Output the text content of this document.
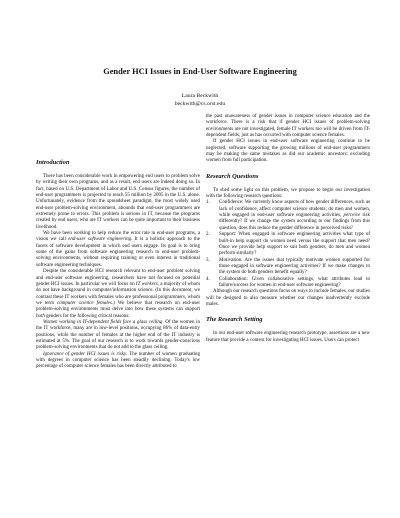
Gender HCI Issues in End-User Software Engineering
Laura Beckwith
beckwith@cs.orst.edu
Introduction

There has been considerable work in empowering end users to problem solve by writing their own programs, and as a result, end users are indeed doing so. In fact, based on U.S. Department of Labor and U.S. Census figures, the number of end-user programmers is projected to reach 55 million by 2005 in the U.S. alone. Unfortunately, evidence from the spreadsheet paradigm, the most widely used end-user problem-solving environment, abounds that end-user programmers are extremely prone to errors. This problem is serious in IT, because the programs created by end users, who are IT workers can be quite important to their business livelihood.

We have been working to help reduce the error rate in end-user programs, a vision we call end-user software engineering. It is a holistic approach to the facets of software development in which end users engage. Its goal is to bring some of the gains from software engineering research to end-user problem-solving environments, without requiring training or even interest in traditional software engineering techniques.

Despite the considerable HCI research relevant to end-user problem solving and end-user software engineering, researchers have not focused on potential gender HCI issues. In particular we will focus on IT workers, a majority of whom do not have background in computer/information science. (In this document, we contrast these IT workers with females who are professional programmers, whom we term computer science females.) We believe that research on end-user problem-solving environments must delve into how these systems can support both genders for the following critical reasons:

Women working in IT-dependent fields face a glass ceiling. Of the women in the IT workforce, many are in low-level positions, occupying 86% of data-entry positions, while the number of females at the higher end of the IT industry is estimated at 5%. The goal of our research is to work towards gender-conscious problem-solving environments that do not add to the glass ceiling.

Ignorance of gender HCI issues is risky. The number of women graduating with degrees in computer science has been steadily declining. Today's low percentage of computer science females has been directly attributed to

the past unawareness of gender issues in computer science education and the workforce. There is a risk that if gender HCI issues of problem-solving environments are not investigated, female IT workers too will be driven from IT-dependent fields, just as has occurred with computer science females.

If gender HCI issues in end-user software engineering continue to be neglected, software supporting the growing millions of end-user programmers may be making the same mistakes as did our academic ancestors: excluding women from full participation.

Research Questions

To shed some light on this problem, we propose to begin our investigation with the following research questions:

1. Confidence: We currently know aspects of how gender differences, such as lack of confidence, affect computer science students; do men and women, while engaged in end-user software engineering activities, perceive risk differently? If we change the system according to our findings from this question, does this reduce the gender difference in perceived risks?
2. Support: When engaged in software engineering activities what type of built-in help support do women need versus the support that men need? Once we provide help support to suit both genders, do men and women perform similarly?
3. Motivation: Are the issues that typically motivate women supported for those engaged in software engineering activities? If we make changes to the system do both genders benefit equally?
4. Collaboration: Given collaborative settings, what attributes lead to failure/success for women in end-user software engineering?

Although our research questions focus on ways to include females, our studies will be designed to also measure whether our changes inadvertently exclude males.

The Research Setting

In our end-user software engineering research prototype, assertions are a new feature that provide a context for investigating HCI issues. Users can protect
